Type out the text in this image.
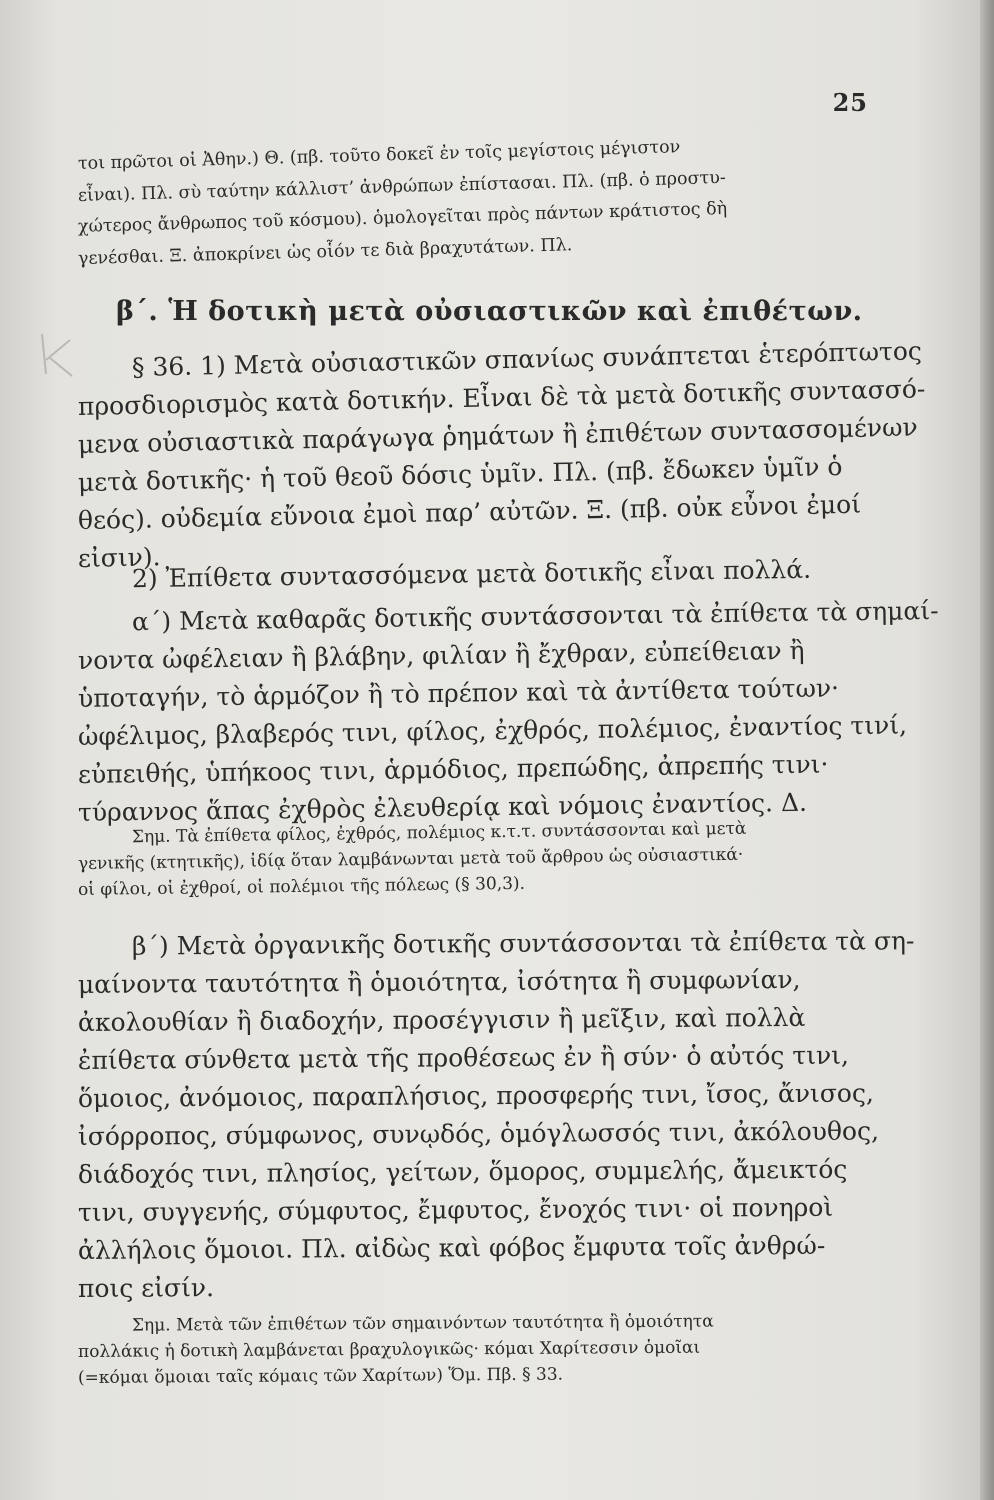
25
τοι πρῶτοι οἱ Ἀθην.) Θ. (πβ. τοῦτο δοκεῖ ἐν τοῖς μεγίστοις μέγιστον
εἶναι). Πλ. σὺ ταύτην κάλλιστ’ ἀνθρώπων ἐπίστασαι. Πλ. (πβ. ὁ προστυ-
χώτερος ἄνθρωπος τοῦ κόσμου). ὁμολογεῖται πρὸς πάντων κράτιστος δὴ
γενέσθαι. Ξ. ἀποκρίνει ὡς οἷόν τε διὰ βραχυτάτων. Πλ.
β΄. Ἡ δοτικὴ μετὰ οὐσιαστικῶν καὶ ἐπιθέτων.
§ 36. 1) Μετὰ οὐσιαστικῶν σπανίως συνάπτεται ἑτερόπτωτος
προσδιορισμὸς κατὰ δοτικήν. Εἶναι δὲ τὰ μετὰ δοτικῆς συντασσό-
μενα οὐσιαστικὰ παράγωγα ῥημάτων ἢ ἐπιθέτων συντασσομένων
μετὰ δοτικῆς· ἡ τοῦ θεοῦ δόσις ὑμῖν. Πλ. (πβ. ἔδωκεν ὑμῖν ὁ
θεός). οὐδεμία εὔνοια ἐμοὶ παρ’ αὐτῶν. Ξ. (πβ. οὐκ εὖνοι ἐμοί
εἰσιν).
2) Ἐπίθετα συντασσόμενα μετὰ δοτικῆς εἶναι πολλά.
α΄) Μετὰ καθαρᾶς δοτικῆς συντάσσονται τὰ ἐπίθετα τὰ σημαί-
νοντα ὠφέλειαν ἢ βλάβην, φιλίαν ἢ ἔχθραν, εὐπείθειαν ἢ
ὑποταγήν, τὸ ἁρμόζον ἢ τὸ πρέπον καὶ τὰ ἀντίθετα τούτων·
ὠφέλιμος, βλαβερός τινι, φίλος, ἐχθρός, πολέμιος, ἐναντίος τινί,
εὐπειθής, ὑπήκοος τινι, ἁρμόδιος, πρεπώδης, ἀπρεπής τινι·
τύραννος ἅπας ἐχθρὸς ἐλευθερίᾳ καὶ νόμοις ἐναντίος. Δ.
Σημ. Τὰ ἐπίθετα φίλος, ἐχθρός, πολέμιος κ.τ.τ. συντάσσονται καὶ μετὰ
γενικῆς (κτητικῆς), ἰδίᾳ ὅταν λαμβάνωνται μετὰ τοῦ ἄρθρου ὡς οὐσιαστικά·
οἱ φίλοι, οἱ ἐχθροί, οἱ πολέμιοι τῆς πόλεως (§ 30,3).
β΄) Μετὰ ὀργανικῆς δοτικῆς συντάσσονται τὰ ἐπίθετα τὰ ση-
μαίνοντα ταυτότητα ἢ ὁμοιότητα, ἰσότητα ἢ συμφωνίαν,
ἀκολουθίαν ἢ διαδοχήν, προσέγγισιν ἢ μεῖξιν, καὶ πολλὰ
ἐπίθετα σύνθετα μετὰ τῆς προθέσεως ἐν ἢ σύν· ὁ αὐτός τινι,
ὅμοιος, ἀνόμοιος, παραπλήσιος, προσφερής τινι, ἴσος, ἄνισος,
ἰσόρροπος, σύμφωνος, συνῳδός, ὁμόγλωσσός τινι, ἀκόλουθος,
διάδοχός τινι, πλησίος, γείτων, ὅμορος, συμμελής, ἄμεικτός
τινι, συγγενής, σύμφυτος, ἔμφυτος, ἔνοχός τινι· οἱ πονηροὶ
ἀλλήλοις ὅμοιοι. Πλ. αἰδὼς καὶ φόβος ἔμφυτα τοῖς ἀνθρώ-
ποις εἰσίν.
Σημ. Μετὰ τῶν ἐπιθέτων τῶν σημαινόντων ταυτότητα ἢ ὁμοιότητα
πολλάκις ἡ δοτικὴ λαμβάνεται βραχυλογικῶς· κόμαι Χαρίτεσσιν ὁμοῖαι
(=κόμαι ὅμοιαι ταῖς κόμαις τῶν Χαρίτων) Ὅμ. Πβ. § 33.
